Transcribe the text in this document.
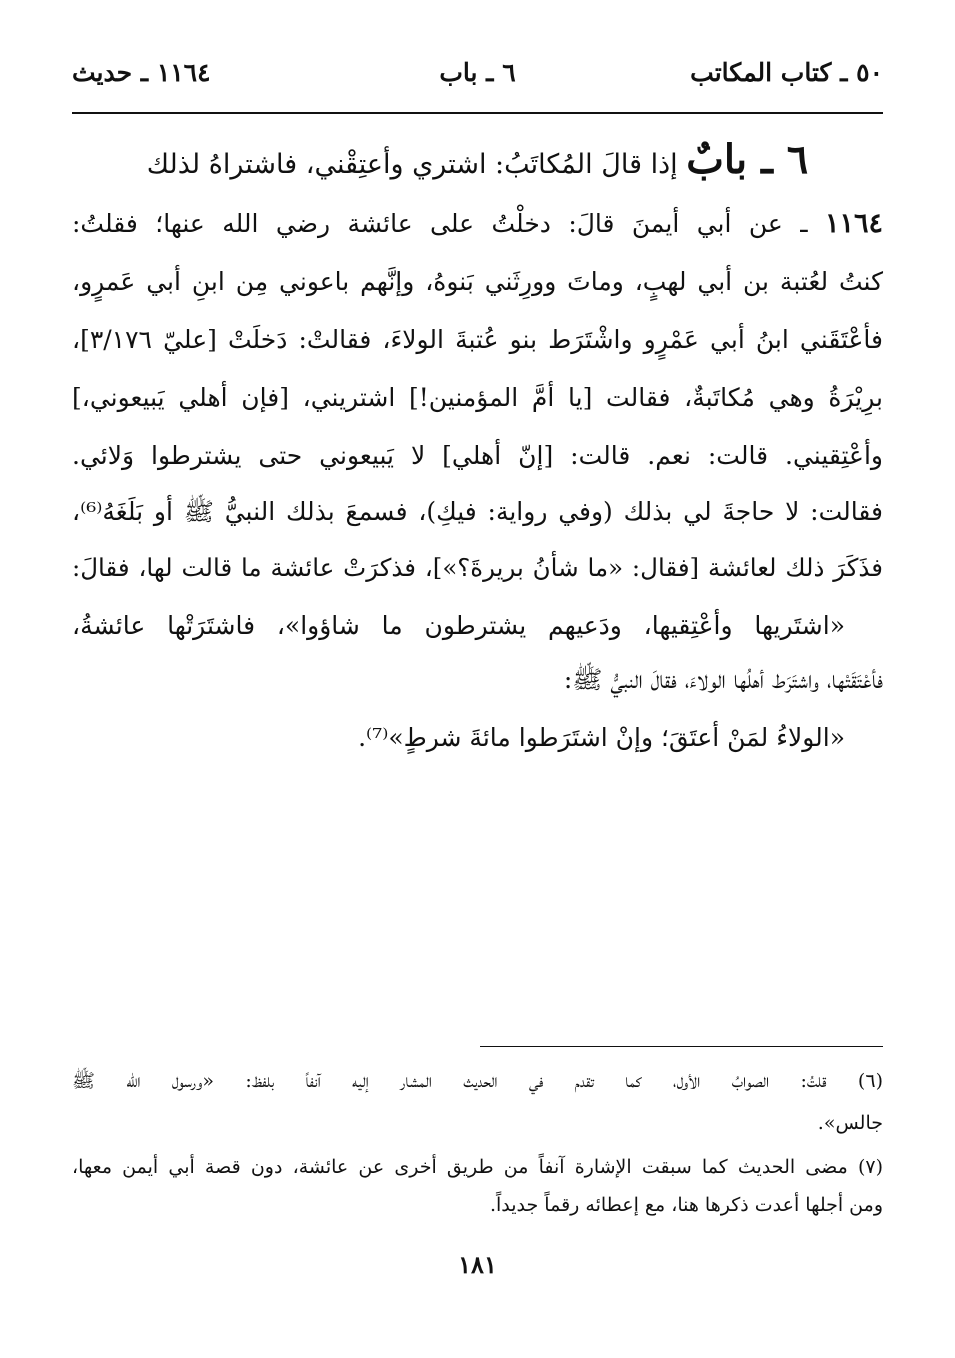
٥٠ ـ كتاب المكاتب
٦ ـ باب
١١٦٤ ـ حديث
٦ ـ بابٌ إذا قالَ المُكاتَبُ: اشتري وأعتِقْني، فاشتراهُ لذلك
١١٦٤ ـ عن أبي أيمنَ قالَ: دخلْتُ على عائشة رضي الله عنها؛ فقلتُ:
كنتُ لعُتبة بن أبي لهبٍ، وماتَ وورِثَني بَنوهُ، وإنَّهم باعوني مِن ابنِ أبي عَمرٍو،
فأعْتَقَني ابنُ أبي عَمْرٍو واشْتَرَط بنو عُتبةَ الولاءَ، فقالتْ: دَخلَتْ [عليّ ٣/١٧٦]،
برِيْرَةُ وهي مُكاتَبةٌ، فقالت [يا أمَّ المؤمنين!] اشتريني، [فإن أهلي يَبيعوني،]
وأعْتِقيني. قالت: نعم. قالت: [إنّ أهلي] لا يَبيعوني حتى يشترطوا وَلائي.
فقالت: لا حاجةَ لي بذلك (وفي رواية: فيكِ)، فسمعَ بذلك النبيُّ ﷺ أو بَلَغَهُ⁽⁶⁾،
فذَكَرَ ذلك لعائشة [فقال: «ما شأنُ بريرةَ؟»]، فذكرَتْ عائشة ما قالت لها، فقالَ:
«اشتَريها وأعْتِقيها، ودَعيهم يشترطون ما شاؤوا»، فاشتَرَتْها عائشةُ،
فأعْتَقَتْها، واشتَرَط أهلُها الولاءَ، فقالَ النبيُّ ﷺ:
«الولاءُ لمَنْ أعتَقَ؛ وإنْ اشتَرَطوا مائةَ شرطٍ»⁽⁷⁾.
(٦) قلتُ: الصوابُ الأول، كما تقدم في الحديث المشار إليه آنفاً بلفظ: «ورسول الله ﷺ
جالس».
(٧) مضى الحديث كما سبقت الإشارة آنفاً من طريق أخرى عن عائشة، دون قصة أبي أيمن معها،
ومن أجلها أعدت ذكرها هنا، مع إعطائه رقماً جديداً.
١٨١
